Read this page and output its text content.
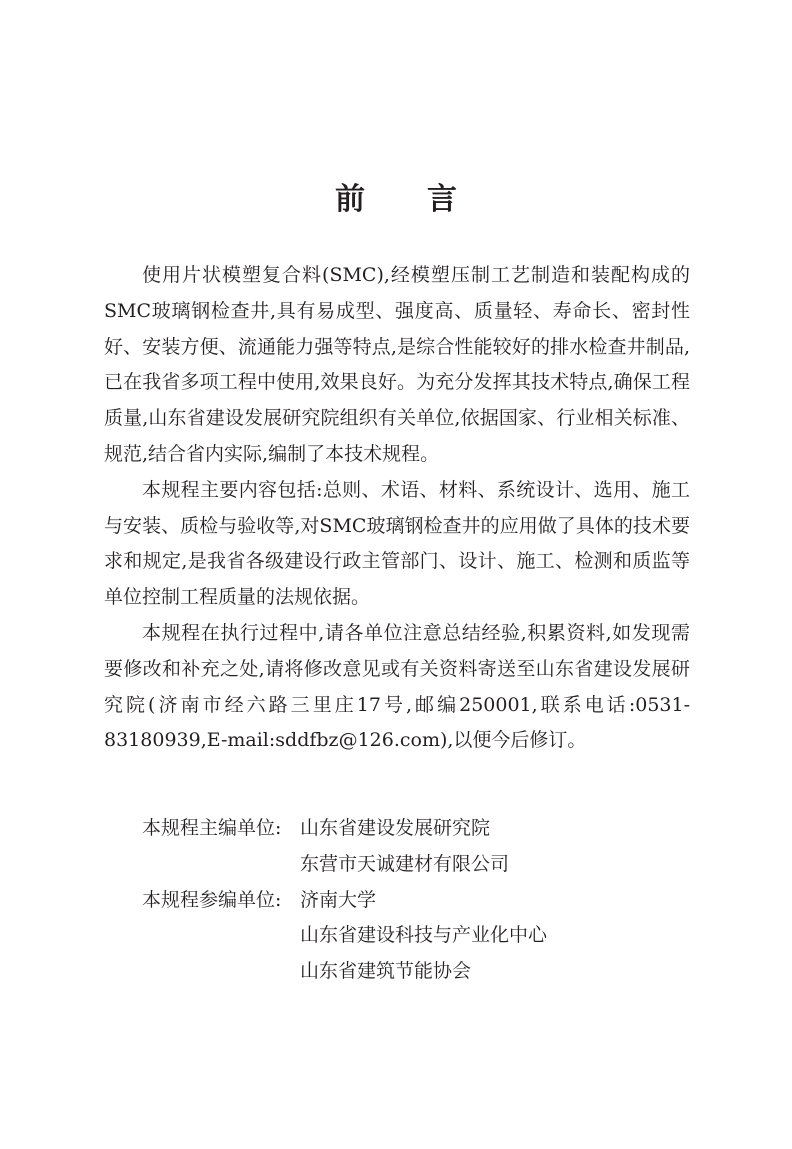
前言

使用片状模塑复合料(SMC),经模塑压制工艺制造和装配构成的SMC玻璃钢检查井,具有易成型、强度高、质量轻、寿命长、密封性好、安装方便、流通能力强等特点,是综合性能较好的排水检查井制品,已在我省多项工程中使用,效果良好。为充分发挥其技术特点,确保工程质量,山东省建设发展研究院组织有关单位,依据国家、行业相关标准、规范,结合省内实际,编制了本技术规程。

本规程主要内容包括:总则、术语、材料、系统设计、选用、施工与安装、质检与验收等,对SMC玻璃钢检查井的应用做了具体的技术要求和规定,是我省各级建设行政主管部门、设计、施工、检测和质监等单位控制工程质量的法规依据。

本规程在执行过程中,请各单位注意总结经验,积累资料,如发现需要修改和补充之处,请将修改意见或有关资料寄送至山东省建设发展研究院(济南市经六路三里庄17号,邮编250001,联系电话:0531-83180939,E-mail:sddfbz@126.com),以便今后修订。

本规程主编单位: 山东省建设发展研究院
东营市天诚建材有限公司
本规程参编单位: 济南大学
山东省建设科技与产业化中心
山东省建筑节能协会
